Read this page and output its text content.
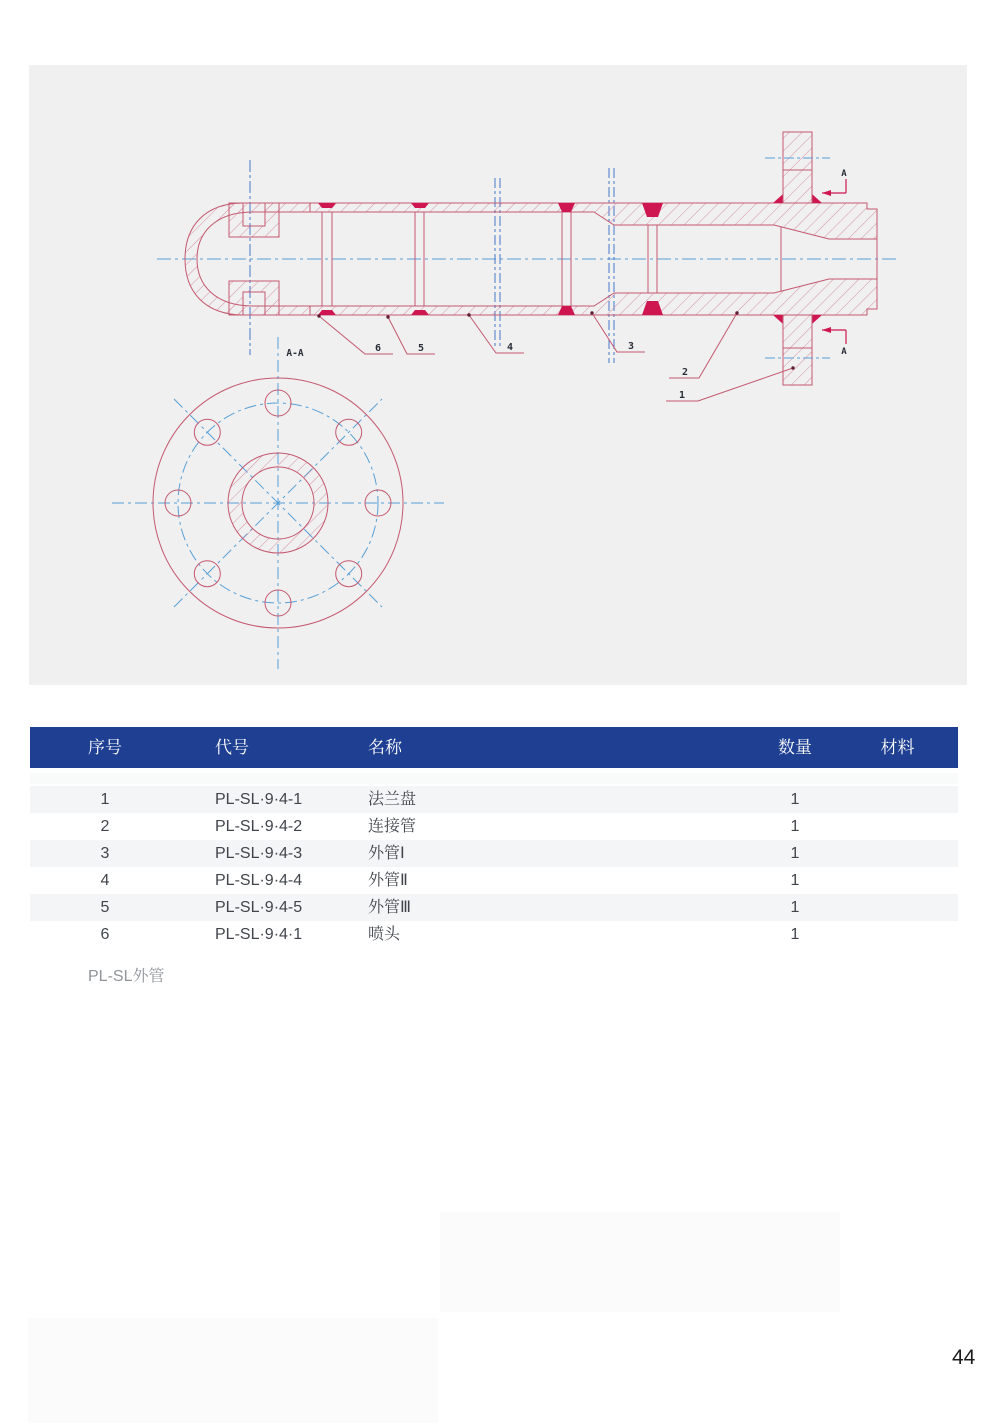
A
A
A-A	6	5	4	3
2
1
序号	代号	名称	数量	材料
1	PL-SL·9·4-1	法兰盘	1
2	PL-SL·9·4-2	连接管	1
3	PL-SL·9·4-3	外管Ⅰ	1
4	PL-SL·9·4-4	外管Ⅱ	1
5	PL-SL·9·4-5	外管Ⅲ	1
6	PL-SL·9·4·1	喷头	1
PL-SL外管
44
